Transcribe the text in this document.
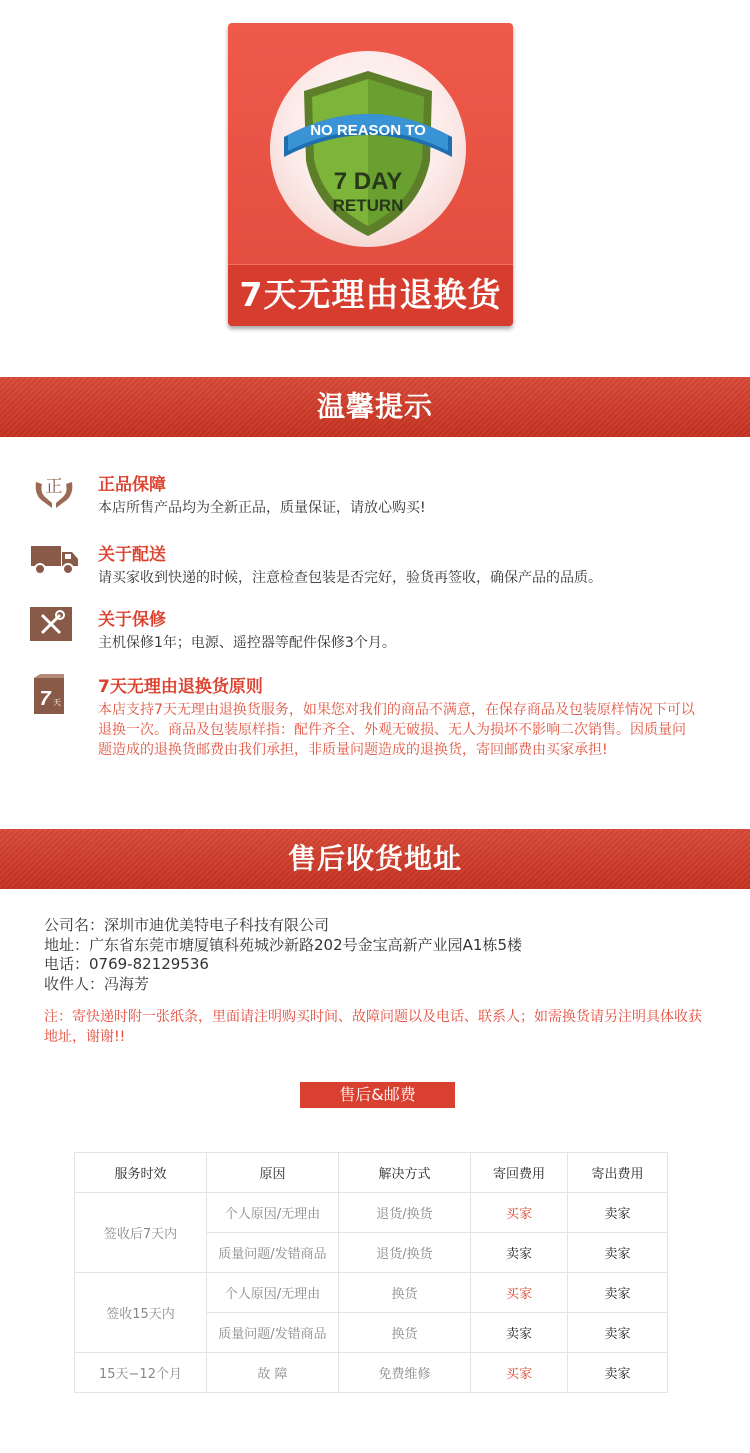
NO REASON TO
7 DAY
RETURN
7天无理由退换货
温馨提示
正 正品保障
本店所售产品均为全新正品，质量保证，请放心购买!
关于配送
请买家收到快递的时候，注意检查包装是否完好，验货再签收，确保产品的品质。
关于保修
主机保修1年；电源、遥控器等配件保修3个月。
7 天
7天无理由退换货原则
本店支持7天无理由退换货服务，如果您对我们的商品不满意，在保存商品及包装原样情况下可以退换一次。商品及包装原样指：配件齐全、外观无破损、无人为损坏不影响二次销售。因质量问题造成的退换货邮费由我们承担，非质量问题造成的退换货，寄回邮费由买家承担!
售后收货地址
公司名：深圳市迪优美特电子科技有限公司
地址：广东省东莞市塘厦镇科苑城沙新路202号金宝高新产业园A1栋5楼
电话：0769-82129536
收件人：冯海芳
注：寄快递时附一张纸条，里面请注明购买时间、故障问题以及电话、联系人；如需换货请另注明具体收获地址，谢谢!!
售后&邮费
服务时效	原因	解决方式	寄回费用	寄出费用
签收后7天内	个人原因/无理由	退货/换货	买家	卖家
	质量问题/发错商品	退货/换货	卖家	卖家
签收15天内	个人原因/无理由	换货	买家	卖家
	质量问题/发错商品	换货	卖家	卖家
15天−12个月	故 障	免费维修	买家	卖家
